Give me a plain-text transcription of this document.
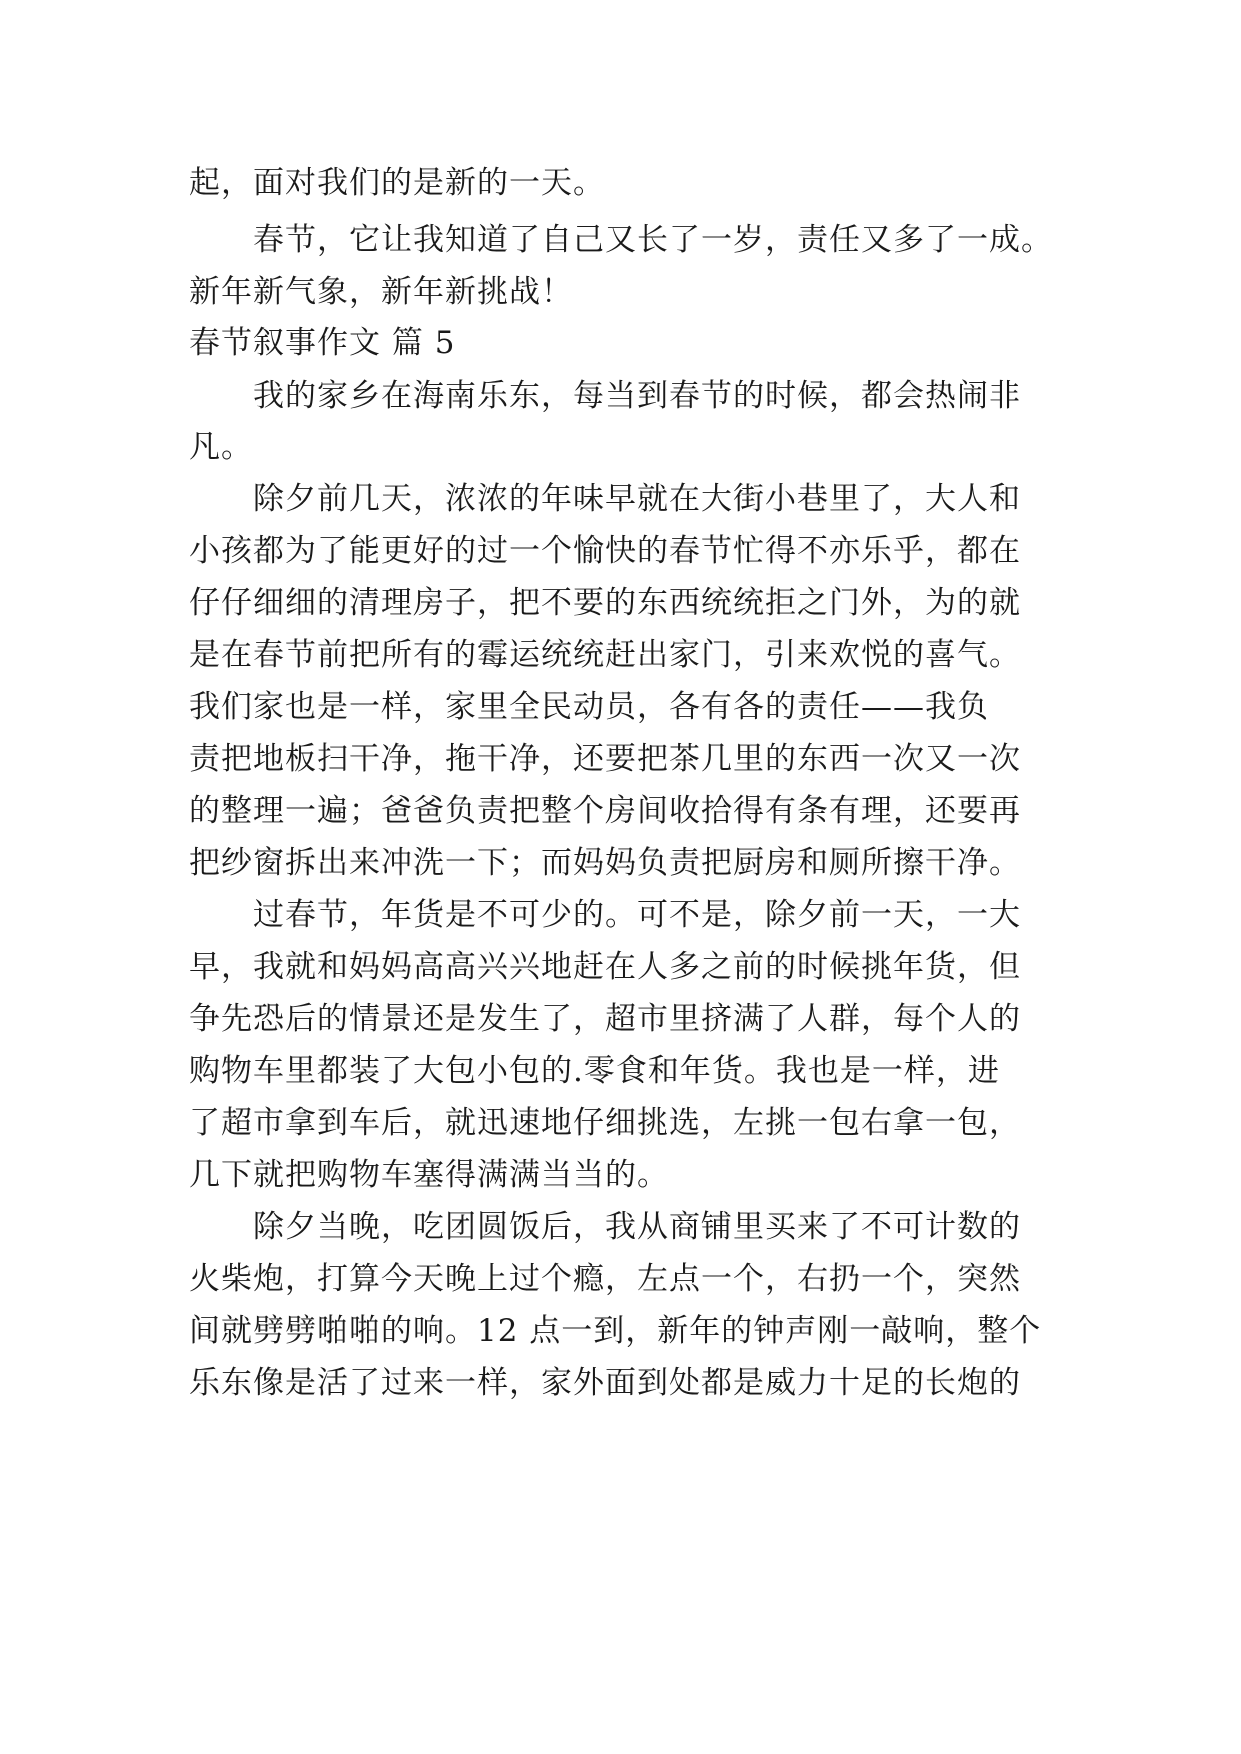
起，面对我们的是新的一天。

春节，它让我知道了自己又长了一岁，责任又多了一成。

新年新气象，新年新挑战！

春节叙事作文 篇 5

我的家乡在海南乐东，每当到春节的时候，都会热闹非

凡。

除夕前几天，浓浓的年味早就在大街小巷里了，大人和

小孩都为了能更好的过一个愉快的春节忙得不亦乐乎，都在

仔仔细细的清理房子，把不要的东西统统拒之门外，为的就

是在春节前把所有的霉运统统赶出家门，引来欢悦的喜气。

我们家也是一样，家里全民动员，各有各的责任——我负

责把地板扫干净，拖干净，还要把茶几里的东西一次又一次

的整理一遍；爸爸负责把整个房间收拾得有条有理，还要再

把纱窗拆出来冲洗一下；而妈妈负责把厨房和厕所擦干净。

过春节，年货是不可少的。可不是，除夕前一天，一大

早，我就和妈妈高高兴兴地赶在人多之前的时候挑年货，但

争先恐后的情景还是发生了，超市里挤满了人群，每个人的

购物车里都装了大包小包的.零食和年货。我也是一样，进

了超市拿到车后，就迅速地仔细挑选，左挑一包右拿一包，

几下就把购物车塞得满满当当的。

除夕当晚，吃团圆饭后，我从商铺里买来了不可计数的

火柴炮，打算今天晚上过个瘾，左点一个，右扔一个，突然

间就劈劈啪啪的响。12 点一到，新年的钟声刚一敲响，整个

乐东像是活了过来一样，家外面到处都是威力十足的长炮的
